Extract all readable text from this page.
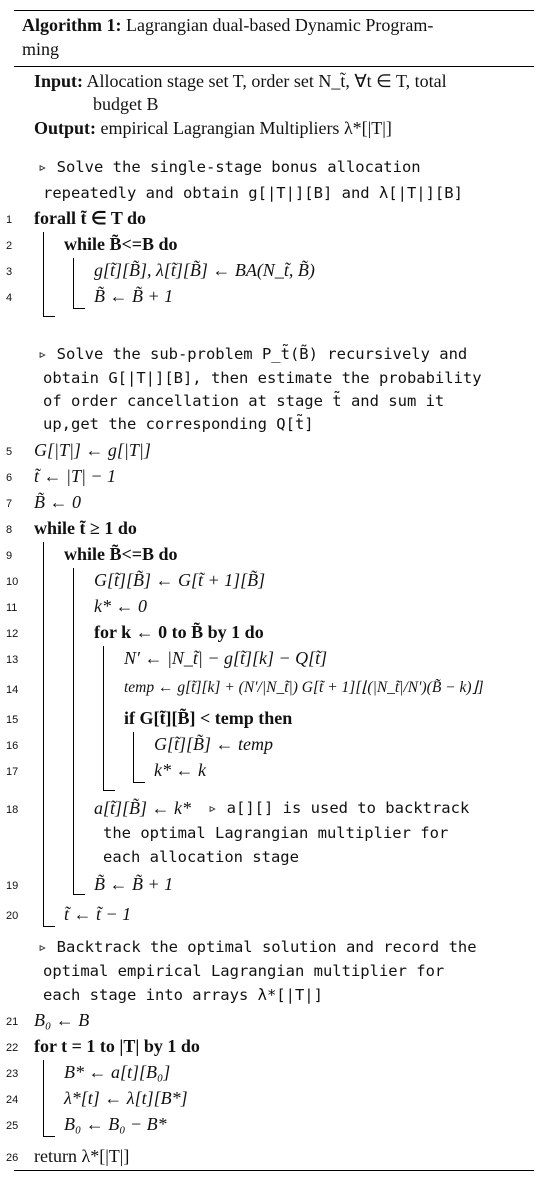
Algorithm 1: Lagrangian dual-based Dynamic Program-
ming
Input: Allocation stage set T, order set N_t̃, ∀t ∈ T, total
budget B
Output: empirical Lagrangian Multipliers λ*[|T|]
▹ Solve the single-stage bonus allocation
repeatedly and obtain g[|T|][B] and λ[|T|][B]
1	forall t̃ ∈ T do
2	while B̃<=B do
3	g[t̃][B̃], λ[t̃][B̃] ← BA(N_t̃, B̃)
4	B̃ ← B̃ + 1
▹ Solve the sub-problem P_t̃(B̃) recursively and
obtain G[|T|][B], then estimate the probability
of order cancellation at stage t̃ and sum it
up,get the corresponding Q[t̃]
5	G[|T|] ← g[|T|]
6	t̃ ← |T| − 1
7	B̃ ← 0
8	while t̃ ≥ 1 do
9	while B̃<=B do
10	G[t̃][B̃] ← G[t̃ + 1][B̃]
11	k* ← 0
12	for k ← 0 to B̃ by 1 do
13	N′ ← |N_t̃| − g[t̃][k] − Q[t̃]
14	temp ← g[t̃][k] + (N′/|N_t̃|) G[t̃ + 1][⌊(|N_t̃|/N′)(B̃ − k)⌋]
15	if G[t̃][B̃] < temp then
16	G[t̃][B̃] ← temp
17	k* ← k
18	a[t̃][B̃] ← k* ▹ a[][] is used to backtrack
the optimal Lagrangian multiplier for
each allocation stage
19	B̃ ← B̃ + 1
20	t̃ ← t̃ − 1
▹ Backtrack the optimal solution and record the
optimal empirical Lagrangian multiplier for
each stage into arrays λ*[|T|]
21 B₀ ← B
22 for t = 1 to |T| by 1 do
23	B* ← a[t][B₀]
24	λ*[t] ← λ[t][B*]
25	B₀ ← B₀ − B*
26 return λ*[|T|]
